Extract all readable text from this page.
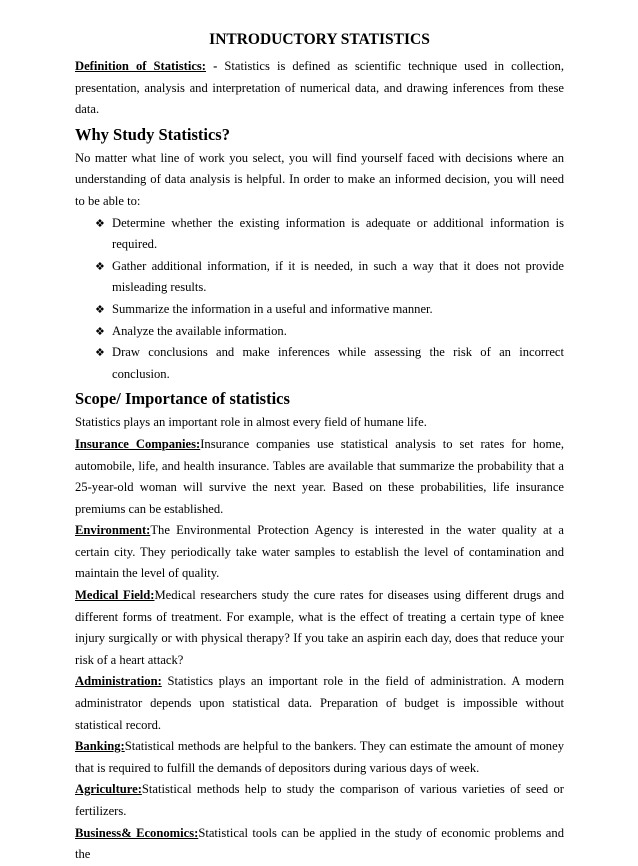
INTRODUCTORY STATISTICS

Definition of Statistics: - Statistics is defined as scientific technique used in collection, presentation, analysis and interpretation of numerical data, and drawing inferences from these data.

Why Study Statistics?

No matter what line of work you select, you will find yourself faced with decisions where an understanding of data analysis is helpful. In order to make an informed decision, you will need to be able to:

❖ Determine whether the existing information is adequate or additional information is required.
❖ Gather additional information, if it is needed, in such a way that it does not provide misleading results.
❖ Summarize the information in a useful and informative manner.
❖ Analyze the available information.
❖ Draw conclusions and make inferences while assessing the risk of an incorrect conclusion.
Scope/ Importance of statistics

Statistics plays an important role in almost every field of humane life.

Insurance Companies:Insurance companies use statistical analysis to set rates for home, automobile, life, and health insurance. Tables are available that summarize the probability that a 25-year-old woman will survive the next year. Based on these probabilities, life insurance premiums can be established.

Environment:The Environmental Protection Agency is interested in the water quality at a certain city. They periodically take water samples to establish the level of contamination and maintain the level of quality.

Medical Field:Medical researchers study the cure rates for diseases using different drugs and different forms of treatment. For example, what is the effect of treating a certain type of knee injury surgically or with physical therapy? If you take an aspirin each day, does that reduce your risk of a heart attack?

Administration: Statistics plays an important role in the field of administration. A modern administrator depends upon statistical data. Preparation of budget is impossible without statistical record.

Banking:Statistical methods are helpful to the bankers. They can estimate the amount of money that is required to fulfill the demands of depositors during various days of week.

Agriculture:Statistical methods help to study the comparison of various varieties of seed or fertilizers.

Business& Economics:Statistical tools can be applied in the study of economic problems and the
